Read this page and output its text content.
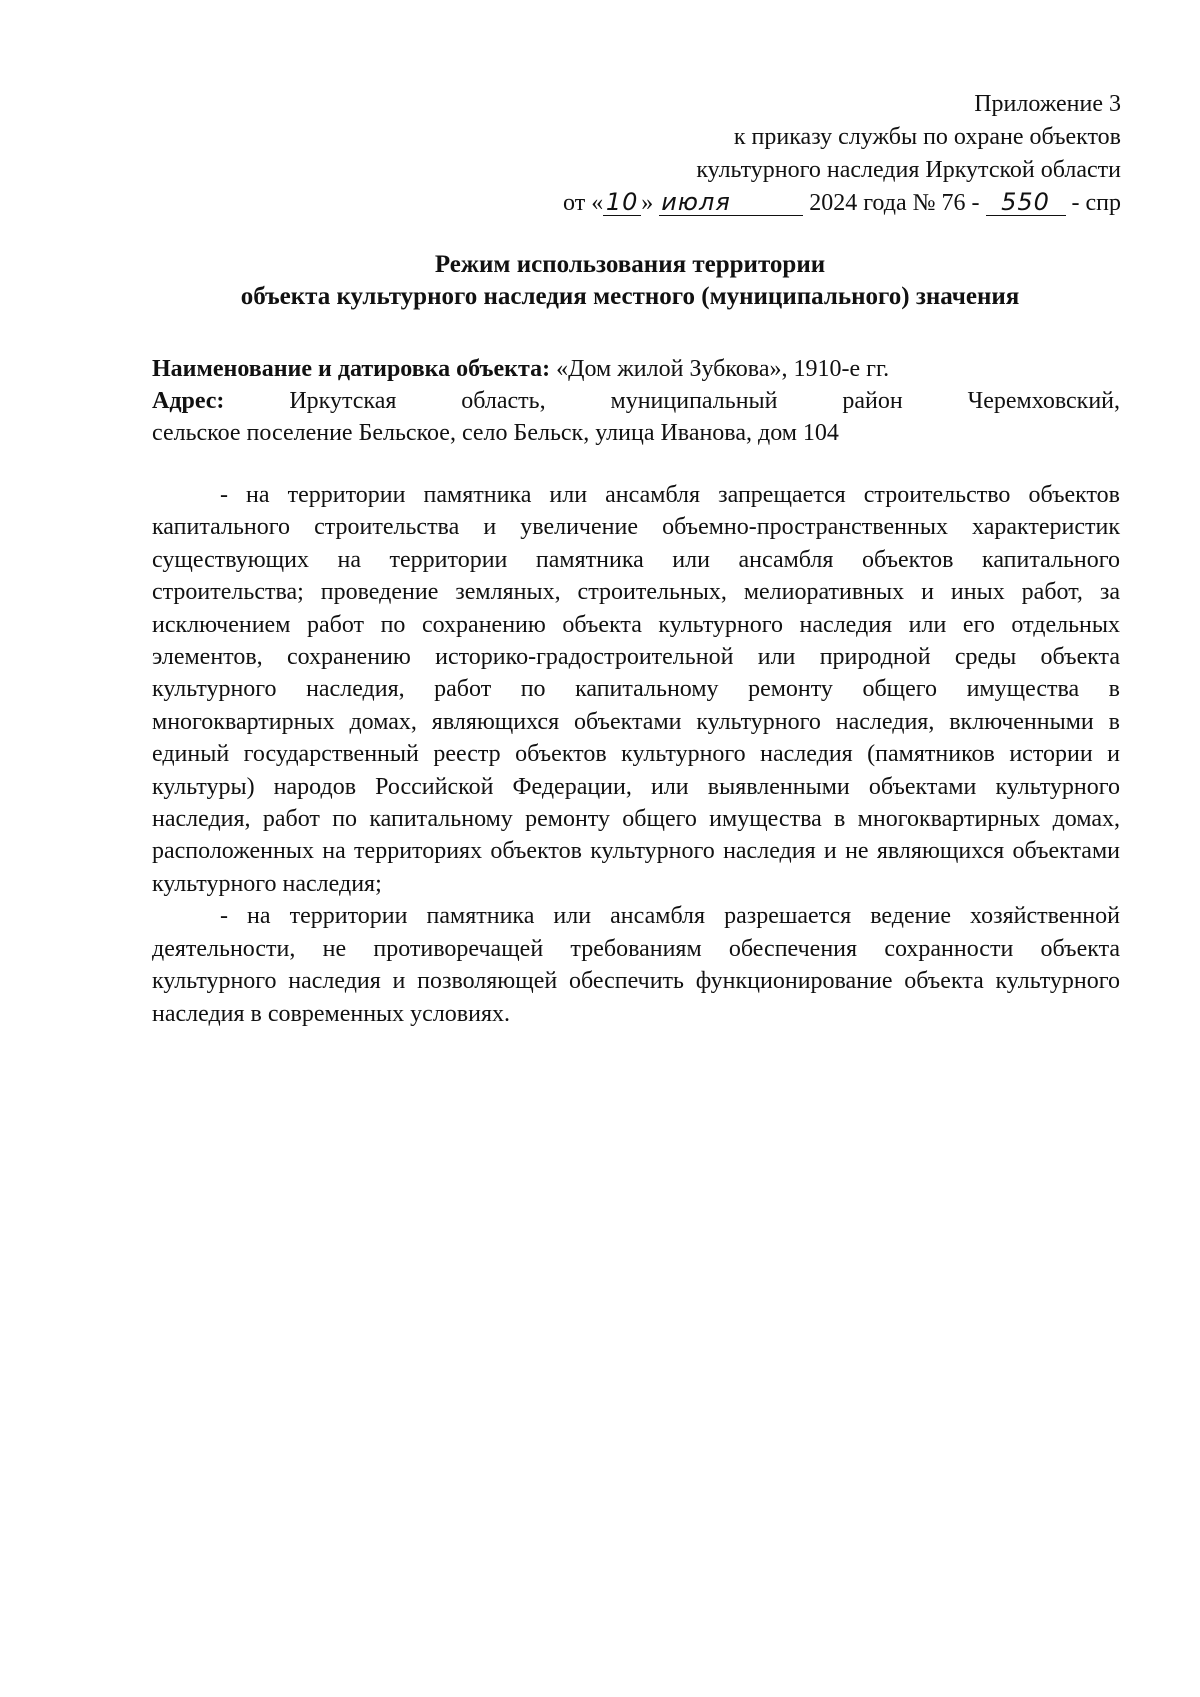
Приложение 3
к приказу службы по охране объектов
культурного наследия Иркутской области
от « 10 » июля	2024 года № 76 - 550 - спр
Режим использования территории
объекта культурного наследия местного (муниципального) значения
Наименование и датировка объекта: «Дом жилой Зубкова», 1910-е гг.
Адрес:	Иркутская	область,	муниципальный	район	Черемховский,
сельское поселение Бельское, село Бельск, улица Иванова, дом 104

- на территории памятника или ансамбля запрещается строительство объектов капитального строительства и увеличение объемно-пространственных характеристик существующих на территории памятника или ансамбля объектов капитального строительства; проведение земляных, строительных, мелиоративных и иных работ, за исключением работ по сохранению объекта культурного наследия или его отдельных элементов, сохранению историко-градостроительной или природной среды объекта культурного наследия, работ по капитальному ремонту общего имущества в многоквартирных домах, являющихся объектами культурного наследия, включенными в единый государственный реестр объектов культурного наследия (памятников истории и культуры) народов Российской Федерации, или выявленными объектами культурного наследия, работ по капитальному ремонту общего имущества в многоквартирных домах, расположенных на территориях объектов культурного наследия и не являющихся объектами культурного наследия;

- на территории памятника или ансамбля разрешается ведение хозяйственной деятельности, не противоречащей требованиям обеспечения сохранности объекта культурного наследия и позволяющей обеспечить функционирование объекта культурного наследия в современных условиях.
